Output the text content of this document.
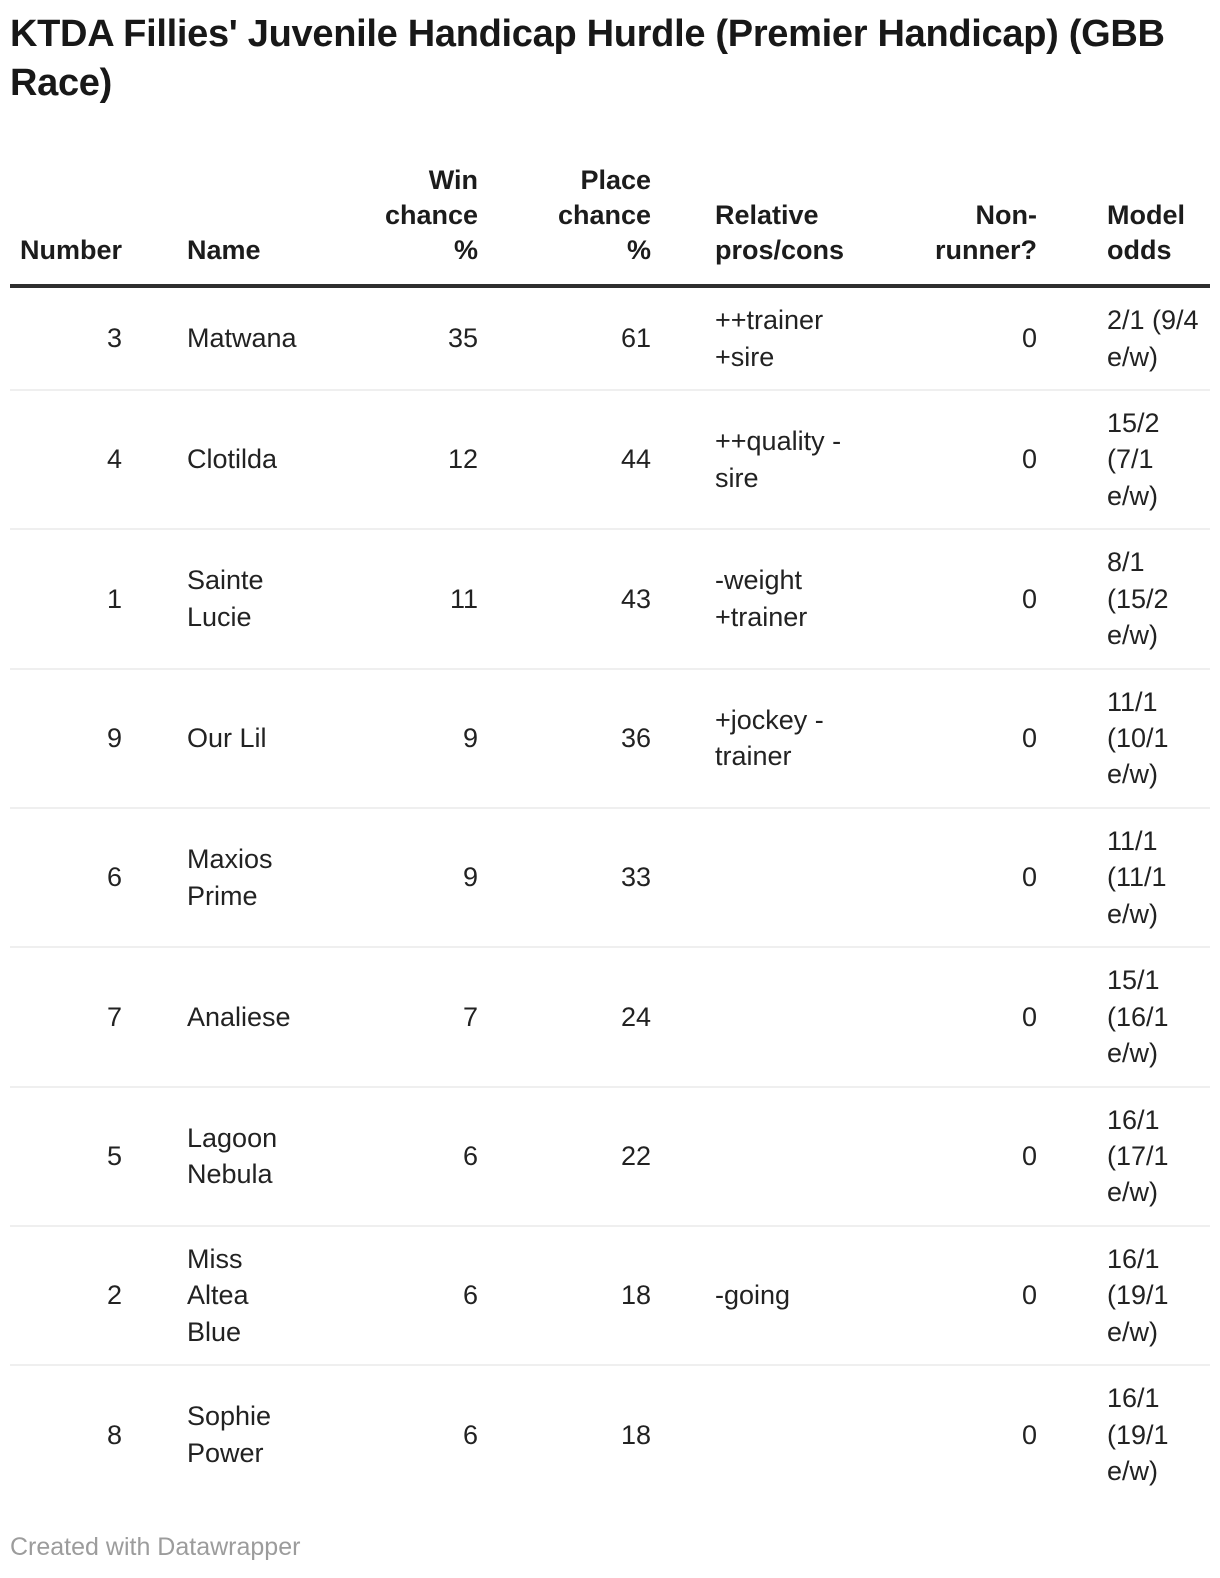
KTDA Fillies' Juvenile Handicap Hurdle (Premier Handicap) (GBB Race)
Number	Name	Win chance %	Place chance %	Relative pros/cons	Non-runner?	Model odds
3	Matwana	35	61	++trainer +sire	0	2/1 (9/4 e/w)
4	Clotilda	12	44	++quality -sire	0	15/2 (7/1 e/w)
1	Sainte Lucie	11	43	-weight +trainer	0	8/1 (15/2 e/w)
9	Our Lil	9	36	+jockey -trainer	0	11/1 (10/1 e/w)
6	Maxios Prime	9	33		0	11/1 (11/1 e/w)
7	Analiese	7	24		0	15/1 (16/1 e/w)
5	Lagoon Nebula	6	22		0	16/1 (17/1 e/w)
2	Miss Altea Blue	6	18	-going	0	16/1 (19/1 e/w)
8	Sophie Power	6	18		0	16/1 (19/1 e/w)
Created with Datawrapper
